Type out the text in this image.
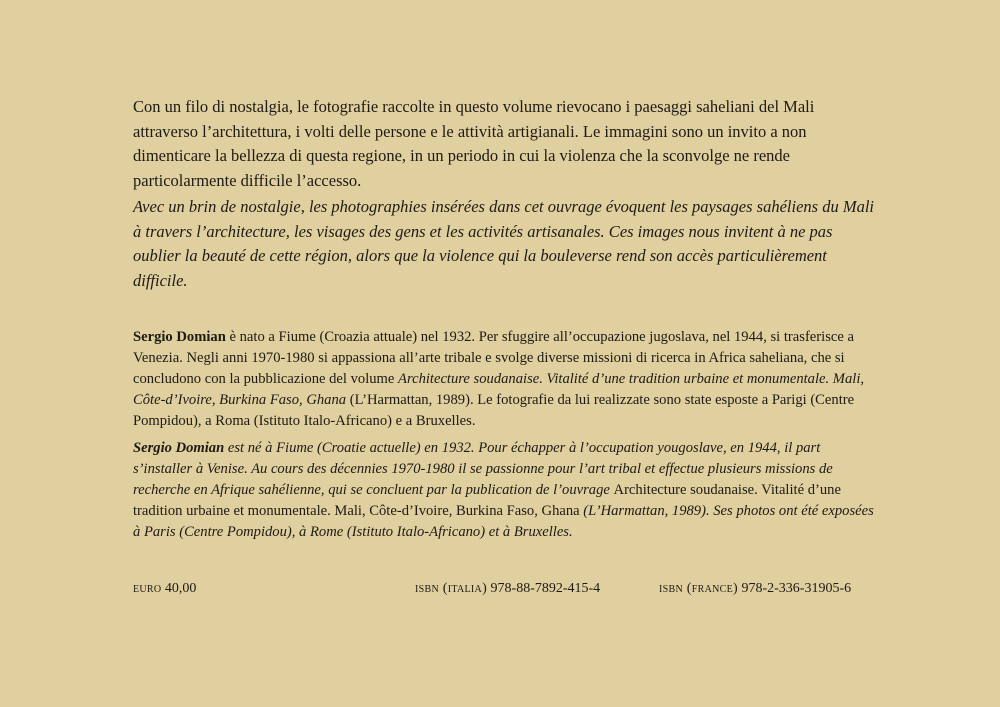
Con un filo di nostalgia, le fotografie raccolte in questo volume rievocano i paesaggi saheliani del Mali attraverso l’architettura, i volti delle persone e le attività artigianali. Le immagini sono un invito a non dimenticare la bellezza di questa regione, in un periodo in cui la violenza che la sconvolge ne rende particolarmente difficile l’accesso.

Avec un brin de nostalgie, les photographies insérées dans cet ouvrage évoquent les paysages sahéliens du Mali à travers l’architecture, les visages des gens et les activités artisanales. Ces images nous invitent à ne pas oublier la beauté de cette région, alors que la violence qui la bouleverse rend son accès particulièrement difficile.

Sergio Domian è nato a Fiume (Croazia attuale) nel 1932. Per sfuggire all’occupazione jugoslava, nel 1944, si trasferisce a Venezia. Negli anni 1970-1980 si appassiona all’arte tribale e svolge diverse missioni di ricerca in Africa saheliana, che si concludono con la pubblicazione del volume Architecture soudanaise. Vitalité d’une tradition urbaine et monumentale. Mali, Côte-d’Ivoire, Burkina Faso, Ghana (L’Harmattan, 1989). Le fotografie da lui realizzate sono state esposte a Parigi (Centre Pompidou), a Roma (Istituto Italo-Africano) e a Bruxelles.

Sergio Domian est né à Fiume (Croatie actuelle) en 1932. Pour échapper à l’occupation yougoslave, en 1944, il part s’installer à Venise. Au cours des décennies 1970-1980 il se passionne pour l’art tribal et effectue plusieurs missions de recherche en Afrique sahélienne, qui se concluent par la publication de l’ouvrage Architecture soudanaise. Vitalité d’une tradition urbaine et monumentale. Mali, Côte-d’Ivoire, Burkina Faso, Ghana (L’Harmattan, 1989). Ses photos ont été exposées à Paris (Centre Pompidou), à Rome (Istituto Italo-Africano) et à Bruxelles.

euro 40,00	isbn (italia) 978-88-7892-415-4	isbn (france) 978-2-336-31905-6
